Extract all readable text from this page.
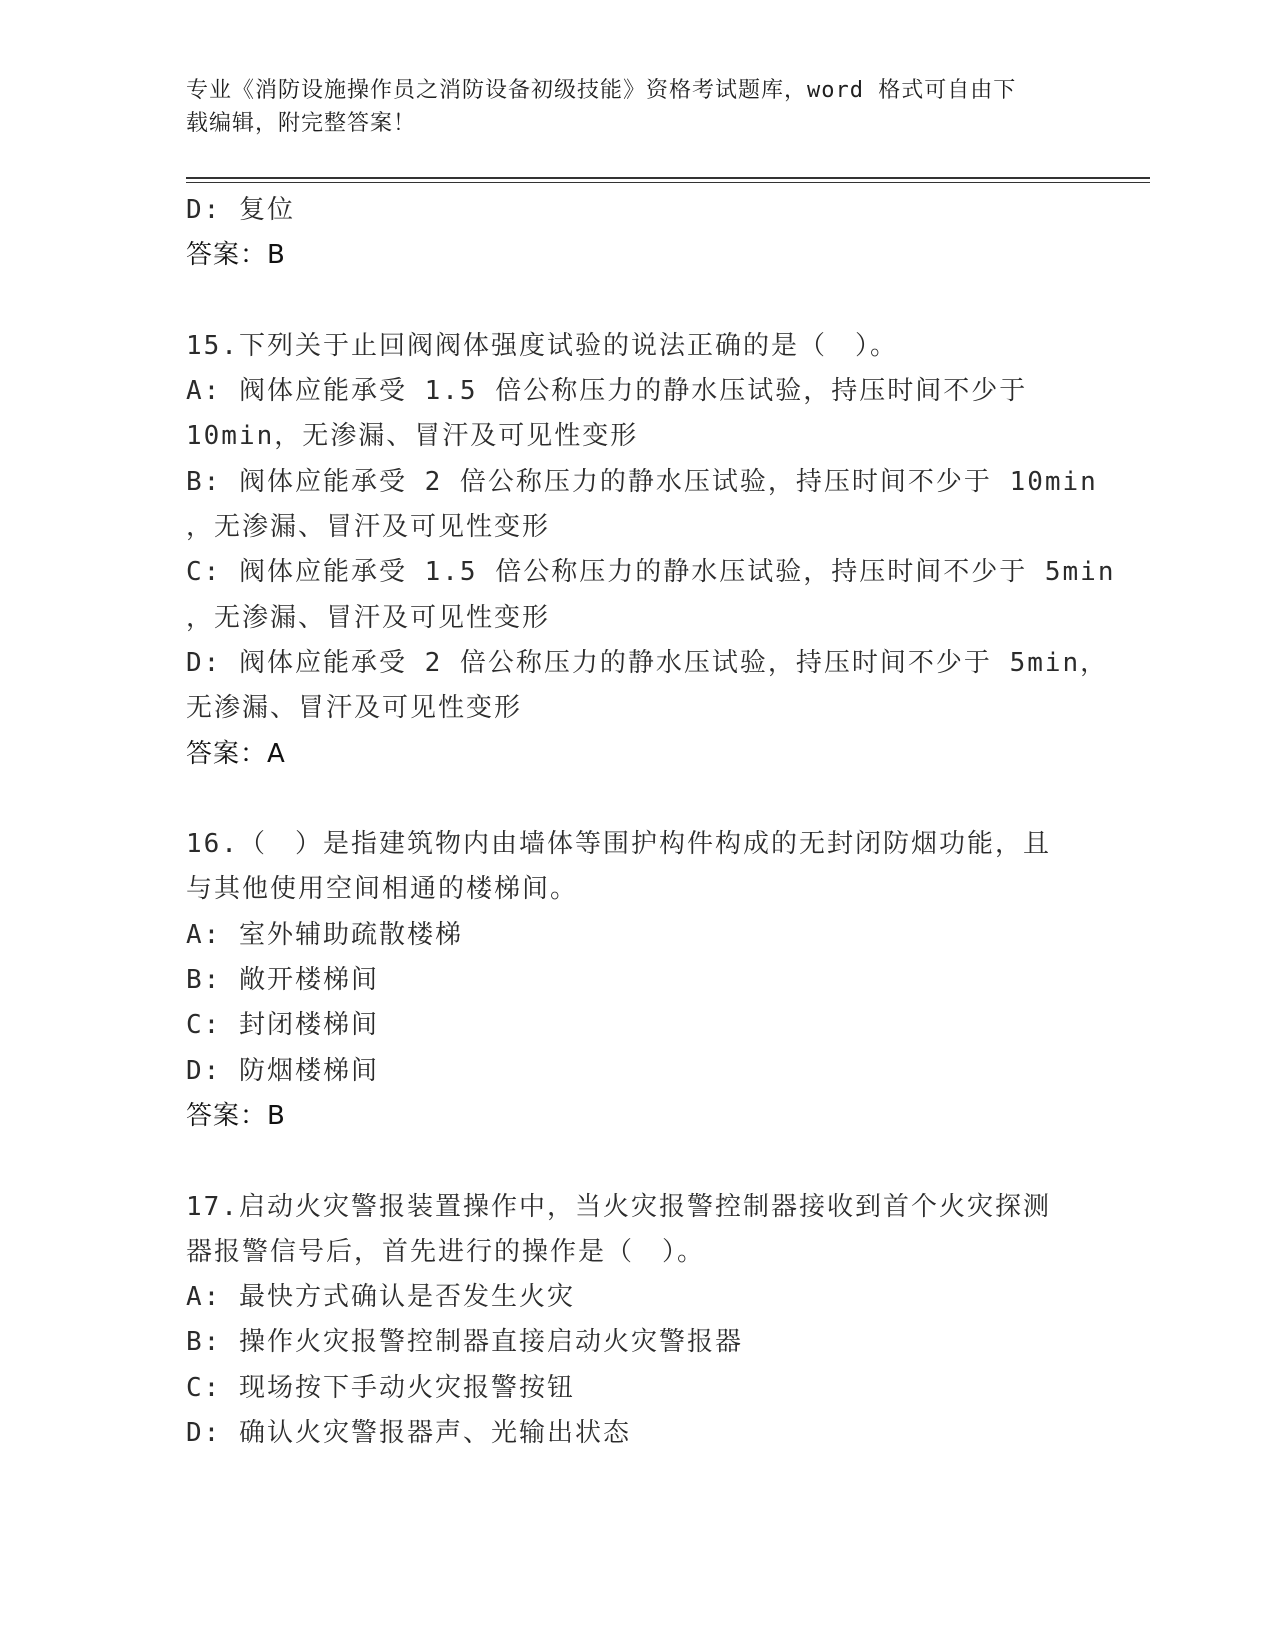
专业《消防设施操作员之消防设备初级技能》资格考试题库，word 格式可自由下
载编辑，附完整答案！
D: 复位
答案：B
15.下列关于止回阀阀体强度试验的说法正确的是（　）。
A: 阀体应能承受 1.5 倍公称压力的静水压试验，持压时间不少于
10min，无渗漏、冒汗及可见性变形
B: 阀体应能承受 2 倍公称压力的静水压试验，持压时间不少于 10min
，无渗漏、冒汗及可见性变形
C: 阀体应能承受 1.5 倍公称压力的静水压试验，持压时间不少于 5min
，无渗漏、冒汗及可见性变形
D: 阀体应能承受 2 倍公称压力的静水压试验，持压时间不少于 5min，
无渗漏、冒汗及可见性变形
答案：A
16.（　）是指建筑物内由墙体等围护构件构成的无封闭防烟功能，且
与其他使用空间相通的楼梯间。
A: 室外辅助疏散楼梯
B: 敞开楼梯间
C: 封闭楼梯间
D: 防烟楼梯间
答案：B
17.启动火灾警报装置操作中，当火灾报警控制器接收到首个火灾探测
器报警信号后，首先进行的操作是（　）。
A: 最快方式确认是否发生火灾
B: 操作火灾报警控制器直接启动火灾警报器
C: 现场按下手动火灾报警按钮
D: 确认火灾警报器声、光输出状态
